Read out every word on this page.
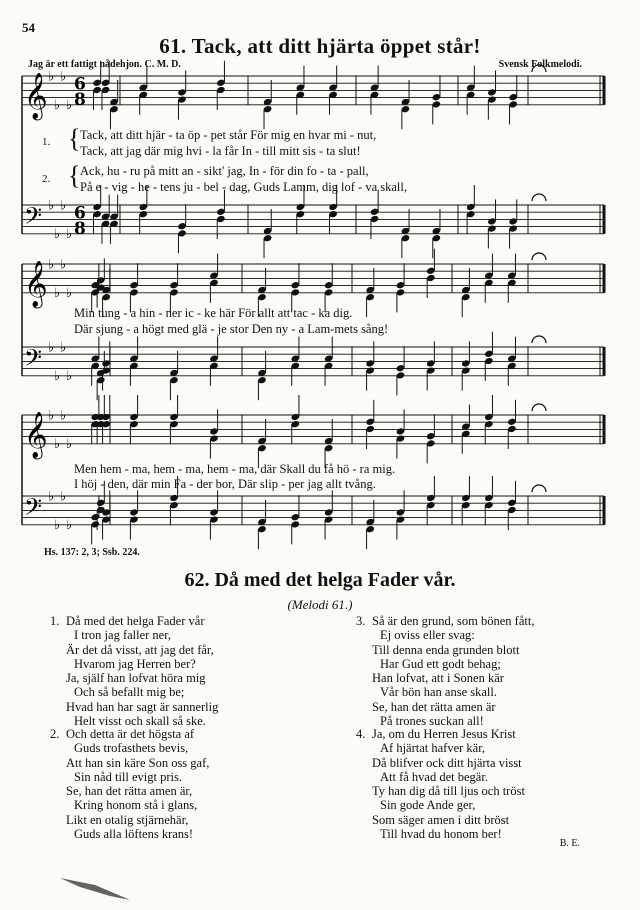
54
61. Tack, att ditt hjärta öppet står!
Jag är ett fattigt nådehjon. C. M. D.	Svensk Folkmelodi.
𝄞 ♭
♭
♭
♭
6
8
𝄢 ♭
♭
♭
♭
6
8
𝄞 ♭
♭
♭
♭
𝄢 ♭
♭
♭
♭
𝄞 ♭
♭
♭
♭
𝄢 ♭
♭
♭
♭
1. { Tack, att ditt hjär - ta öp - pet står För mig en hvar mi - nut,
Tack, att jag där mig hvi - la får In - till mitt sis - ta slut!
2. { Ack, hu - ru på mitt an - sikt' jag, In - för din fo - ta - pall,
På e - vig - he - tens ju - bel - dag, Guds Lamm, dig lof - va skall,
Min tung - a hin - ner ic - ke här För allt att tac - ka dig.
Där sjung - a högt med glä - je stor Den ny - a Lam-mets sång!
Men hem - ma, hem - ma, hem - ma, där Skall du få hö - ra mig.
I höj - den, där min Fa - der bor, Där slip - per jag allt tvång.
Hs. 137: 2, 3; Ssb. 224.
62. Då med det helga Fader vår.
(Melodi 61.)
1. Då med det helga Fader vår
I tron jag faller ner,
Är det då visst, att jag det får,
Hvarom jag Herren ber?
Ja, själf han lofvat höra mig
Och så befallt mig be;
Hvad han har sagt är sannerlig
Helt visst och skall så ske.
2. Och detta är det högsta af
Guds trofasthets bevis,
Att han sin käre Son oss gaf,
Sin nåd till evigt pris.
Se, han det rätta amen är,
Kring honom stå i glans,
Likt en otalig stjärnehär,
Guds alla löftens krans!
3. Så är den grund, som bönen fått,
Ej oviss eller svag:
Till denna enda grunden blott
Har Gud ett godt behag;
Han lofvat, att i Sonen kär
Vår bön han anse skall.
Se, han det rätta amen är
På trones suckan all!
4. Ja, om du Herren Jesus Krist
Af hjärtat hafver kär,
Då blifver ock ditt hjärta visst
Att få hvad det begär.
Ty han dig då till ljus och tröst
Sin gode Ande ger,
Som säger amen i ditt bröst
Till hvad du honom ber!
B. E.
